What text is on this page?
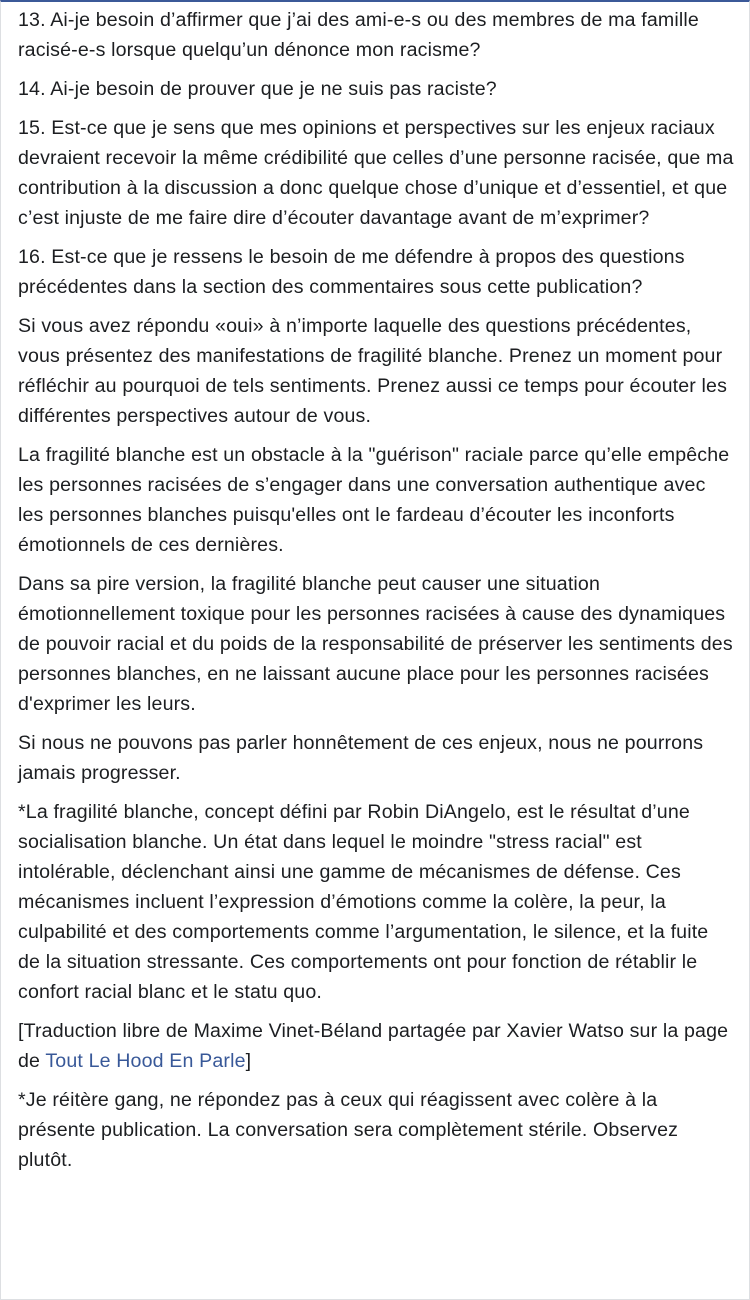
13. Ai-je besoin d’affirmer que j’ai des ami-e-s ou des membres de ma famille racisé-e-s lorsque quelqu’un dénonce mon racisme?

14. Ai-je besoin de prouver que je ne suis pas raciste?

15. Est-ce que je sens que mes opinions et perspectives sur les enjeux raciaux devraient recevoir la même crédibilité que celles d’une personne racisée, que ma contribution à la discussion a donc quelque chose d’unique et d’essentiel, et que c’est injuste de me faire dire d’écouter davantage avant de m’exprimer?

16. Est-ce que je ressens le besoin de me défendre à propos des questions précédentes dans la section des commentaires sous cette publication?

Si vous avez répondu «oui» à n’importe laquelle des questions précédentes, vous présentez des manifestations de fragilité blanche. Prenez un moment pour réfléchir au pourquoi de tels sentiments. Prenez aussi ce temps pour écouter les différentes perspectives autour de vous.

La fragilité blanche est un obstacle à la "guérison" raciale parce qu’elle empêche les personnes racisées de s’engager dans une conversation authentique avec les personnes blanches puisqu'elles ont le fardeau d’écouter les inconforts émotionnels de ces dernières.

Dans sa pire version, la fragilité blanche peut causer une situation émotionnellement toxique pour les personnes racisées à cause des dynamiques de pouvoir racial et du poids de la responsabilité de préserver les sentiments des personnes blanches, en ne laissant aucune place pour les personnes racisées d'exprimer les leurs.

Si nous ne pouvons pas parler honnêtement de ces enjeux, nous ne pourrons jamais progresser.

*La fragilité blanche, concept défini par Robin DiAngelo, est le résultat d’une socialisation blanche. Un état dans lequel le moindre "stress racial" est intolérable, déclenchant ainsi une gamme de mécanismes de défense. Ces mécanismes incluent l’expression d’émotions comme la colère, la peur, la culpabilité et des comportements comme l’argumentation, le silence, et la fuite de la situation stressante. Ces comportements ont pour fonction de rétablir le confort racial blanc et le statu quo.

[Traduction libre de Maxime Vinet-Béland partagée par Xavier Watso sur la page de Tout Le Hood En Parle]

*Je réitère gang, ne répondez pas à ceux qui réagissent avec colère à la présente publication. La conversation sera complètement stérile. Observez plutôt.
